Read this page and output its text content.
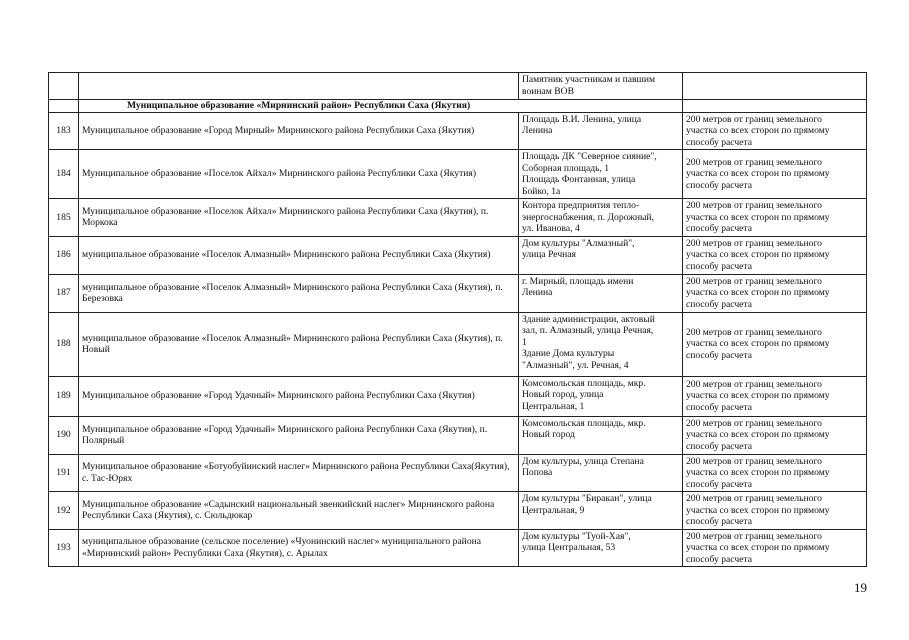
		Памятник участникам и павшим воинам ВОВ	
	Муниципальное образование «Мирнинский район» Республики Саха (Якутия)		
183	Муниципальное образование «Город Мирный» Мирнинского района Республики Саха (Якутия)	Площадь В.И. Ленина, улица
Ленина	200 метров от границ земельного
участка со всех сторон по прямому
способу расчета
184	Муниципальное образование «Поселок Айхал» Мирнинского района Республики Саха (Якутия)	Площадь ДК "Северное сияние",
Соборная площадь, 1
Площадь Фонтанная, улица
Бойко, 1а	200 метров от границ земельного
участка со всех сторон по прямому
способу расчета
185	Муниципальное образование «Поселок Айхал» Мирнинского района Республики Саха (Якутия), п. Моркока	Контора предприятия тепло-
энергоснабжения, п. Дорожный,
ул. Иванова, 4	200 метров от границ земельного
участка со всех сторон по прямому
способу расчета
186	муниципальное образование «Поселок Алмазный» Мирнинского района Республики Саха (Якутия)	Дом культуры "Алмазный",
улица Речная	200 метров от границ земельного
участка со всех сторон по прямому
способу расчета
187	муниципальное образование «Поселок Алмазный» Мирнинского района Республики Саха (Якутия), п. Березовка	г. Мирный, площадь имени
Ленина	200 метров от границ земельного
участка со всех сторон по прямому
способу расчета
188	муниципальное образование «Поселок Алмазный» Мирнинского района Республики Саха (Якутия), п. Новый	Здание администрации, актовый
зал, п. Алмазный, улица Речная,
1
Здание Дома культуры
"Алмазный", ул. Речная, 4	200 метров от границ земельного
участка со всех сторон по прямому
способу расчета
189	Муниципальное образование «Город Удачный» Мирнинского района Республики Саха (Якутия)	Комсомольская площадь, мкр.
Новый город, улица
Центральная, 1	200 метров от границ земельного
участка со всех сторон по прямому
способу расчета
190	Муниципальное образование «Город Удачный» Мирнинского района Республики Саха (Якутия), п. Полярный	Комсомольская площадь, мкр.
Новый город	200 метров от границ земельного
участка со всех сторон по прямому
способу расчета
191	Муниципальное образование «Ботуобуйинский наслег» Мирнинского района Республики Саха(Якутия), с. Тас-Юрях	Дом культуры, улица Степана
Попова	200 метров от границ земельного
участка со всех сторон по прямому
способу расчета
192	Муниципальное образование «Садынский национальный эвенкийский наслег» Мирнинского района Республики Саха (Якутия), с. Сюльдюкар	Дом культуры "Биракан", улица
Центральная, 9	200 метров от границ земельного
участка со всех сторон по прямому
способу расчета
193	муниципальное образование (сельское поселение) «Чуонинский наслег» муниципального района «Мирнинский район» Республики Саха (Якутия), с. Арылах	Дом культуры "Туой-Хая",
улица Центральная, 53	200 метров от границ земельного
участка со всех сторон по прямому
способу расчета
19
